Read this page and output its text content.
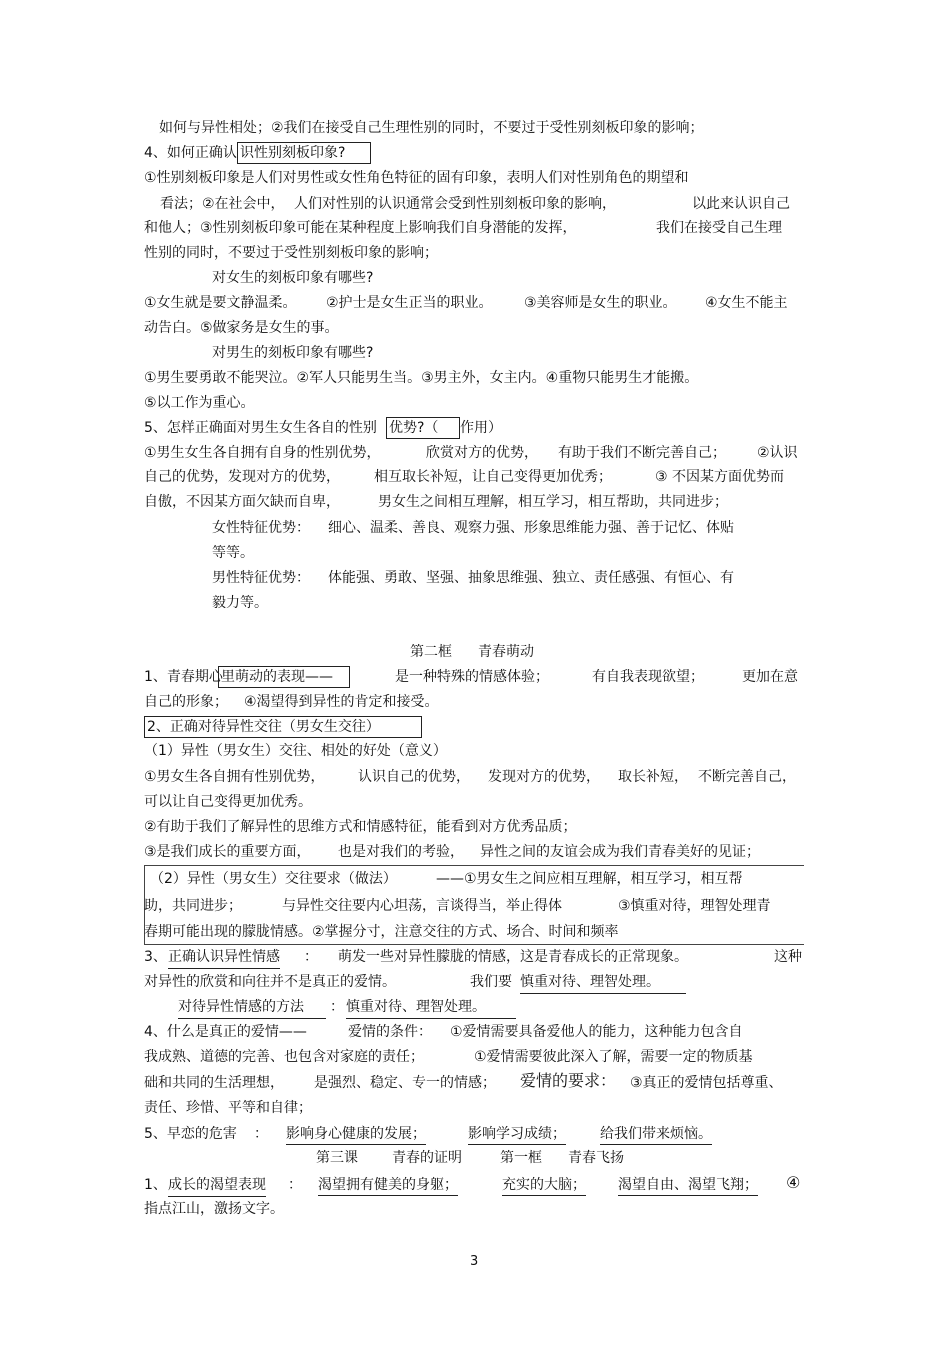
如何与异性相处；②我们在接受自己生理性别的同时，不要过于受性别刻板印象的影响；
4、如何正确认 识性别刻板印象?
①性别刻板印象是人们对男性或女性角色特征的固有印象，表明人们对性别角色的期望和
看法；②在社会中， 人们对性别的认识通常会受到性别刻板印象的影响，	以此来认识自己
和他人；③性别刻板印象可能在某种程度上影响我们自身潜能的发挥，	我们在接受自己生理
性别的同时，不要过于受性别刻板印象的影响；
对女生的刻板印象有哪些?
①女生就是要文静温柔。 ②护士是女生正当的职业。 ③美容师是女生的职业。 ④女生不能主
动告白。⑤做家务是女生的事。
对男生的刻板印象有哪些?
①男生要勇敢不能哭泣。②军人只能男生当。③男主外，女主内。④重物只能男生才能搬。
⑤以工作为重心。
5、怎样正确面对男生女生各自的性别 优势?（	作用）
①男生女生各自拥有自身的性别优势，	欣赏对方的优势， 有助于我们不断完善自己； ②认识
自己的优势，发现对方的优势， 相互取长补短，让自己变得更加优秀；	③ 不因某方面优势而
自傲，不因某方面欠缺而自卑，	男女生之间相互理解，相互学习，相互帮助，共同进步；
女性特征优势： 细心、温柔、善良、观察力强、形象思维能力强、善于记忆、体贴
等等。
男性特征优势： 体能强、勇敢、坚强、抽象思维强、独立、责任感强、有恒心、有
毅力等。
第二框 青春萌动
1、青春期心
里萌动的表现——	是一种特殊的情感体验；	有自我表现欲望；	更加在意
自己的形象； ④渴望得到异性的肯定和接受。
2、正确对待异性交往（男女生交往）
（1）异性（男女生）交往、相处的好处（意义）
①男女生各自拥有性别优势， 认识自己的优势， 发现对方的优势， 取长补短， 不断完善自己，
可以让自己变得更加优秀。
②有助于我们了解异性的思维方式和情感特征，能看到对方优秀品质；
③是我们成长的重要方面， 也是对我们的考验， 异性之间的友谊会成为我们青春美好的见证；
（2）异性（男女生）交往要求（做法）	——①男女生之间应相互理解，相互学习，相互帮
助，共同进步；	与异性交往要内心坦荡，言谈得当，举止得体	③慎重对待，理智处理青
春期可能出现的朦胧情感。②掌握分寸，注意交往的方式、场合、时间和频率
3、 正确认识异性情感 ： 萌发一些对异性朦胧的情感，这是青春成长的正常现象。	这种
对异性的欣赏和向往并不是真正的爱情。	我们要 慎重对待、理智处理。
对待异性情感的方法	： 慎重对待、理智处理。
4、什么是真正的爱情——	爱情的条件： ①爱情需要具备爱他人的能力，这种能力包含自
我成熟、道德的完善、也包含对家庭的责任；	①爱情需要彼此深入了解，需要一定的物质基
础和共同的生活理想， 是强烈、稳定、专一的情感； 爱情的要求： ③真正的爱情包括尊重、
责任、珍惜、平等和自律；
5、早恋的危害 ： 影响身心健康的发展；	影响学习成绩； 给我们带来烦恼。
第三课 青春的证明	第一框 青春飞扬
1、 成长的渴望表现 ： 渴望拥有健美的身躯；	充实的大脑； 渴望自由、渴望飞翔； ④
指点江山，激扬文字。
3
